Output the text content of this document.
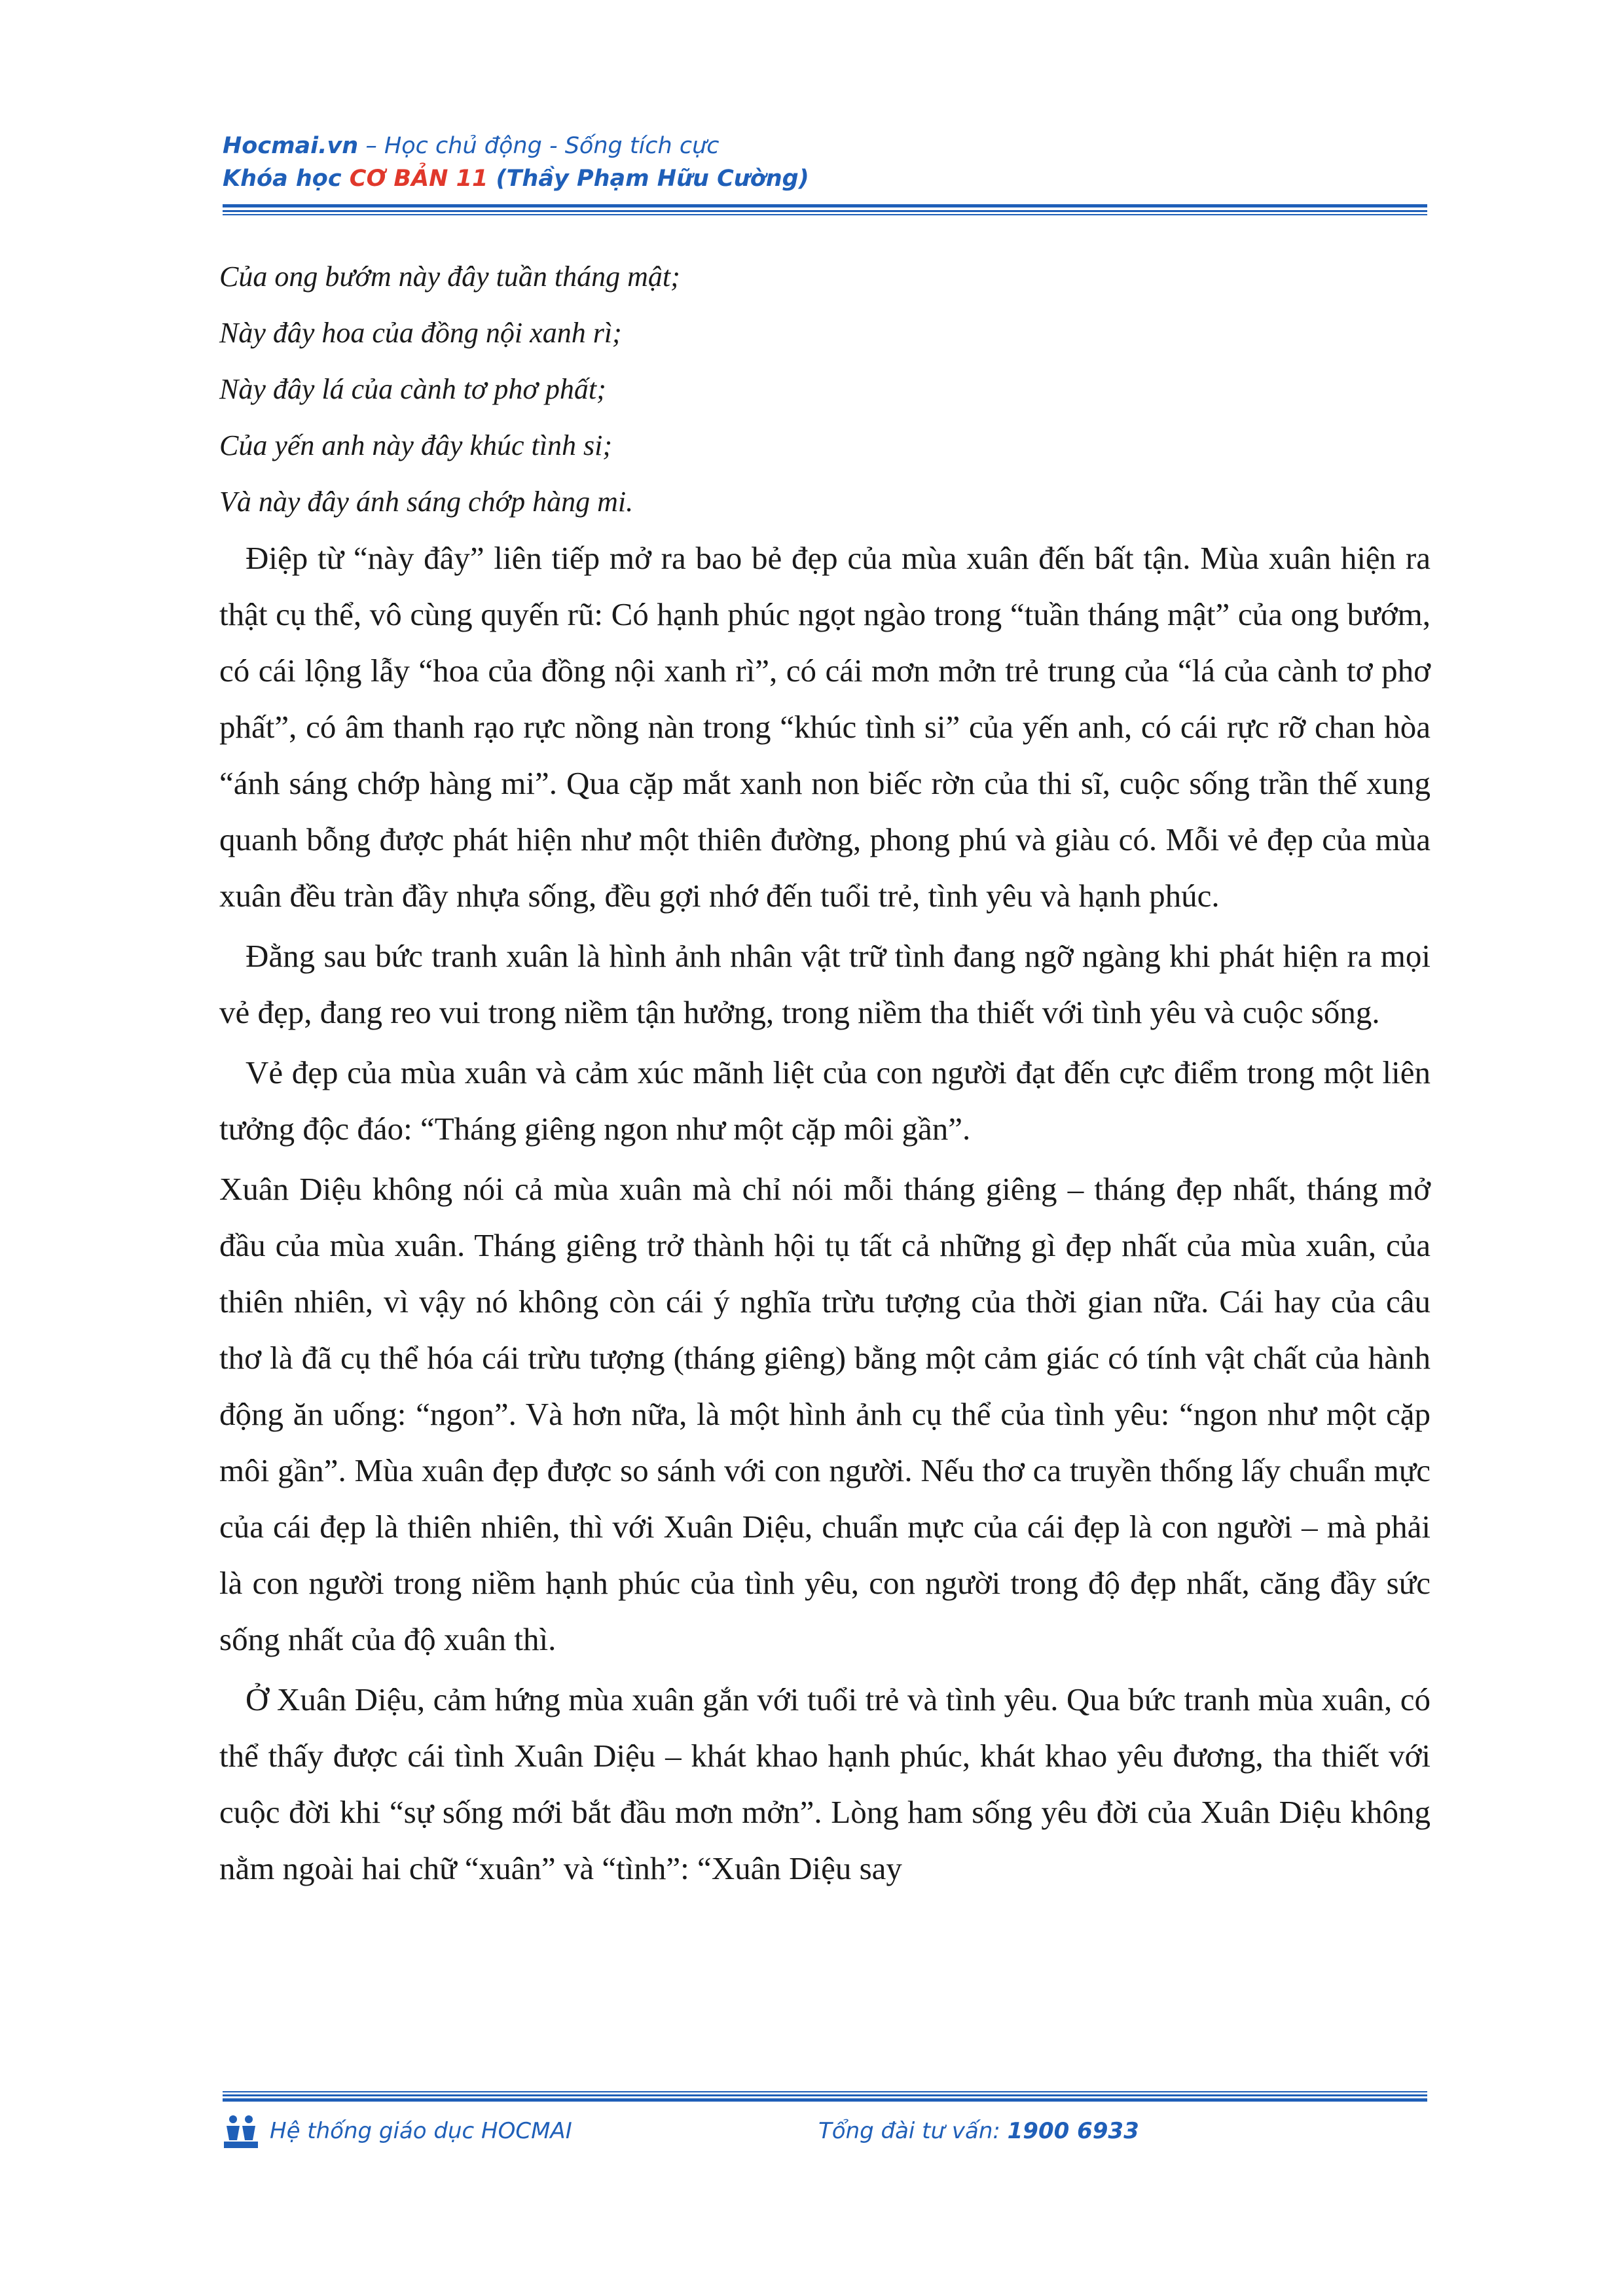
Hocmai.vn – Học chủ động - Sống tích cực
Khóa học CƠ BẢN 11 (Thầy Phạm Hữu Cường)
Của ong bướm này đây tuần tháng mật;
Này đây hoa của đồng nội xanh rì;
Này đây lá của cành tơ phơ phất;
Của yến anh này đây khúc tình si;
Và này đây ánh sáng chớp hàng mi.

Điệp từ “này đây” liên tiếp mở ra bao bẻ đẹp của mùa xuân đến bất tận. Mùa xuân hiện ra thật cụ thể, vô cùng quyến rũ: Có hạnh phúc ngọt ngào trong “tuần tháng mật” của ong bướm, có cái lộng lẫy “hoa của đồng nội xanh rì”, có cái mơn mởn trẻ trung của “lá của cành tơ phơ phất”, có âm thanh rạo rực nồng nàn trong “khúc tình si” của yến anh, có cái rực rỡ chan hòa “ánh sáng chớp hàng mi”. Qua cặp mắt xanh non biếc rờn của thi sĩ, cuộc sống trần thế xung quanh bỗng được phát hiện như một thiên đường, phong phú và giàu có. Mỗi vẻ đẹp của mùa xuân đều tràn đầy nhựa sống, đều gợi nhớ đến tuổi trẻ, tình yêu và hạnh phúc.

Đằng sau bức tranh xuân là hình ảnh nhân vật trữ tình đang ngỡ ngàng khi phát hiện ra mọi vẻ đẹp, đang reo vui trong niềm tận hưởng, trong niềm tha thiết với tình yêu và cuộc sống.

Vẻ đẹp của mùa xuân và cảm xúc mãnh liệt của con người đạt đến cực điểm trong một liên tưởng độc đáo: “Tháng giêng ngon như một cặp môi gần”.

Xuân Diệu không nói cả mùa xuân mà chỉ nói mỗi tháng giêng – tháng đẹp nhất, tháng mở đầu của mùa xuân. Tháng giêng trở thành hội tụ tất cả những gì đẹp nhất của mùa xuân, của thiên nhiên, vì vậy nó không còn cái ý nghĩa trừu tượng của thời gian nữa. Cái hay của câu thơ là đã cụ thể hóa cái trừu tượng (tháng giêng) bằng một cảm giác có tính vật chất của hành động ăn uống: “ngon”. Và hơn nữa, là một hình ảnh cụ thể của tình yêu: “ngon như một cặp môi gần”. Mùa xuân đẹp được so sánh với con người. Nếu thơ ca truyền thống lấy chuẩn mực của cái đẹp là thiên nhiên, thì với Xuân Diệu, chuẩn mực của cái đẹp là con người – mà phải là con người trong niềm hạnh phúc của tình yêu, con người trong độ đẹp nhất, căng đầy sức sống nhất của độ xuân thì.

Ở Xuân Diệu, cảm hứng mùa xuân gắn với tuổi trẻ và tình yêu. Qua bức tranh mùa xuân, có thể thấy được cái tình Xuân Diệu – khát khao hạnh phúc, khát khao yêu đương, tha thiết với cuộc đời khi “sự sống mới bắt đầu mơn mởn”. Lòng ham sống yêu đời của Xuân Diệu không nằm ngoài hai chữ “xuân” và “tình”: “Xuân Diệu say

Hệ thống giáo dục HOCMAI	Tổng đài tư vấn: 1900 6933
